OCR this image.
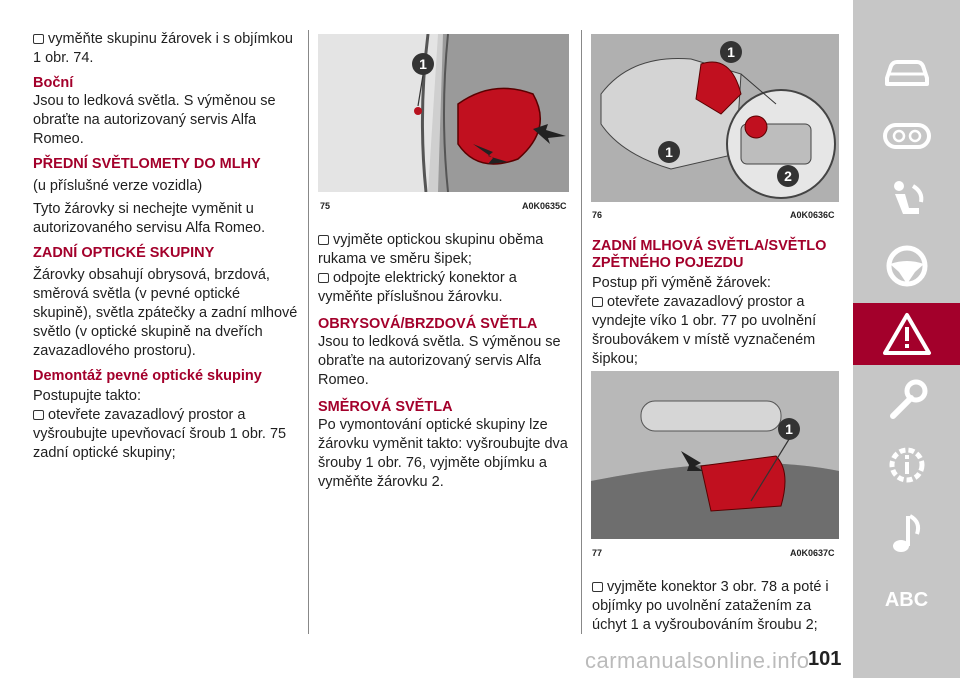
vyměňte skupinu žárovek i s objímkou 1 obr. 74.

Boční

Jsou to ledková světla. S výměnou se obraťte na autorizovaný servis Alfa Romeo.

PŘEDNÍ SVĚTLOMETY DO MLHY

(u příslušné verze vozidla)

Tyto žárovky si nechejte vyměnit u autorizovaného servisu Alfa Romeo.

ZADNÍ OPTICKÉ SKUPINY

Žárovky obsahují obrysová, brzdová, směrová světla (v pevné optické skupině), světla zpátečky a zadní mlhové světlo (v optické skupině na dveřích zavazadlového prostoru).

Demontáž pevné optické skupiny

Postupujte takto:

otevřete zavazadlový prostor a vyšroubujte upevňovací šroub 1 obr. 75 zadní optické skupiny;

1
75	A0K0635C

vyjměte optickou skupinu oběma rukama ve směru šipek;

odpojte elektrický konektor a vyměňte příslušnou žárovku.

OBRYSOVÁ/BRZDOVÁ SVĚTLA

Jsou to ledková světla. S výměnou se obraťte na autorizovaný servis Alfa Romeo.

SMĚROVÁ SVĚTLA

Po vymontování optické skupiny lze žárovku vyměnit takto: vyšroubujte dva šrouby 1 obr. 76, vyjměte objímku a vyměňte žárovku 2.

1
1
2
76	A0K0636C
ZADNÍ MLHOVÁ SVĚTLA/SVĚTLO ZPĚTNÉHO POJEZDU

Postup při výměně žárovek:

otevřete zavazadlový prostor a vyndejte víko 1 obr. 77 po uvolnění šroubovákem v místě vyznačeném šipkou;

1
77	A0K0637C

vyjměte konektor 3 obr. 78 a poté i objímky po uvolnění zatažením za úchyt 1 a vyšroubováním šroubu 2;

ABC
carmanualsonline.info
101
